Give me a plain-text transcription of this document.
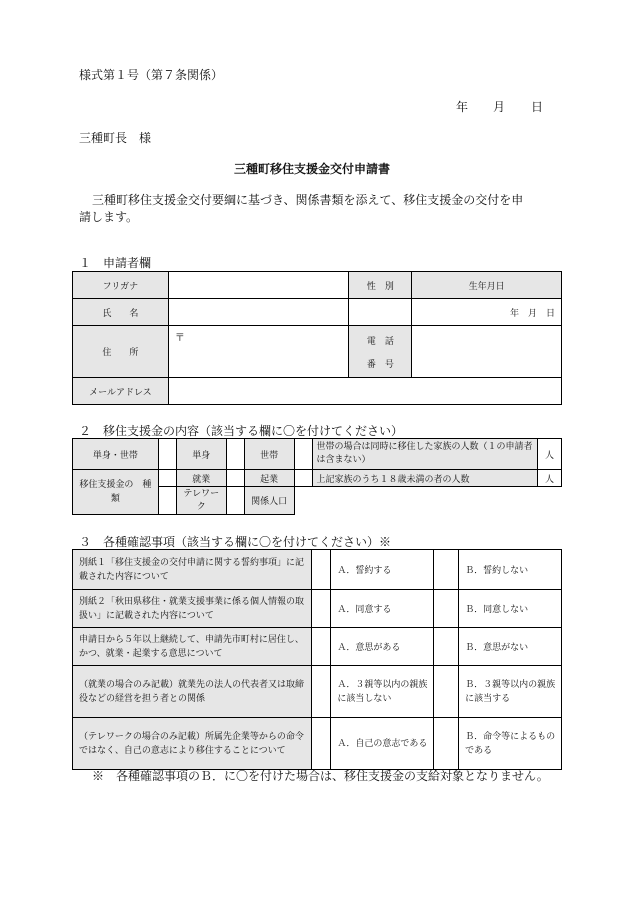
様式第１号（第７条関係）
年 月 日
三種町長　様
三種町移住支援金交付申請書
三種町移住支援金交付要綱に基づき、関係書類を添えて、移住支援金の交付を申
請します。
１　申請者欄
フリガナ		性　別	生年月日
氏　　名			年　月　日
住　　所	〒	電　話
番　号	

メールアドレス			
２　移住支援金の内容（該当する欄に〇を付けてください）
単身・世帯		単身		世帯		世帯の場合は同時に移住した家族の人数（１の申請者は含まない）	人
移住支援金の　種　類		就業		起業		上記家族のうち１８歳未満の者の人数	人
		テレワーク		関係人口			
３　各種確認事項（該当する欄に〇を付けてください）※
別紙１「移住支援金の交付申請に関する誓約事項」に記載された内容について		Ａ．誓約する		Ｂ．誓約しない
別紙２「秋田県移住・就業支援事業に係る個人情報の取扱い」に記載された内容について		Ａ．同意する		Ｂ．同意しない
申請日から５年以上継続して、申請先市町村に居住し、かつ、就業・起業する意思について		Ａ．意思がある		Ｂ．意思がない
（就業の場合のみ記載）就業先の法人の代表者又は取締役などの経営を担う者との関係		Ａ．３親等以内の親族に該当しない		Ｂ．３親等以内の親族に該当する
（テレワークの場合のみ記載）所属先企業等からの命令ではなく、自己の意志により移住することについて		Ａ．自己の意志である		Ｂ．命令等によるものである
※　各種確認事項のＢ．に〇を付けた場合は、移住支援金の支給対象となりません。
